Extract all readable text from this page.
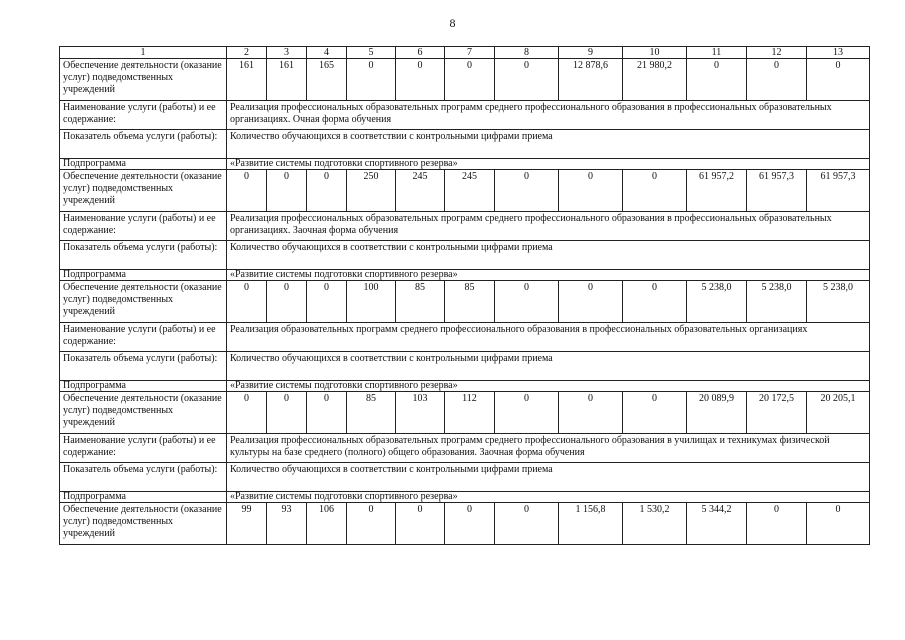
8
1	2	3	4	5	6	7	8	9	10	11	12	13
Обеспечение деятельности (оказание услуг) подведомственных учреждений	161	161	165	0	0	0	0	12 878,6	21 980,2	0	0	0
Наименование услуги (работы) и ее содержание:	Реализация профессиональных образовательных программ среднего профессионального образования в профессиональных образовательных организациях. Очная форма обучения											
Показатель объема услуги (работы):	Количество обучающихся в соответствии с контрольными цифрами приема											
Подпрограмма	«Развитие системы подготовки спортивного резерва»											
Обеспечение деятельности (оказание услуг) подведомственных учреждений	0	0	0	250	245	245	0	0	0	61 957,2	61 957,3	61 957,3
Наименование услуги (работы) и ее содержание:	Реализация профессиональных образовательных программ среднего профессионального образования в профессиональных образовательных организациях. Заочная форма обучения											
Показатель объема услуги (работы):	Количество обучающихся в соответствии с контрольными цифрами приема											
Подпрограмма	«Развитие системы подготовки спортивного резерва»											
Обеспечение деятельности (оказание услуг) подведомственных учреждений	0	0	0	100	85	85	0	0	0	5 238,0	5 238,0	5 238,0
Наименование услуги (работы) и ее содержание:	Реализация образовательных программ среднего профессионального образования в профессиональных образовательных организациях											
Показатель объема услуги (работы):	Количество обучающихся в соответствии с контрольными цифрами приема											
Подпрограмма	«Развитие системы подготовки спортивного резерва»											
Обеспечение деятельности (оказание услуг) подведомственных учреждений	0	0	0	85	103	112	0	0	0	20 089,9	20 172,5	20 205,1
Наименование услуги (работы) и ее содержание:	Реализация профессиональных образовательных программ среднего профессионального образования в училищах и техникумах физической культуры на базе среднего (полного) общего образования. Заочная форма обучения											
Показатель объема услуги (работы):	Количество обучающихся в соответствии с контрольными цифрами приема											
Подпрограмма	«Развитие системы подготовки спортивного резерва»											
Обеспечение деятельности (оказание услуг) подведомственных учреждений	99	93	106	0	0	0	0	1 156,8	1 530,2	5 344,2	0	0
